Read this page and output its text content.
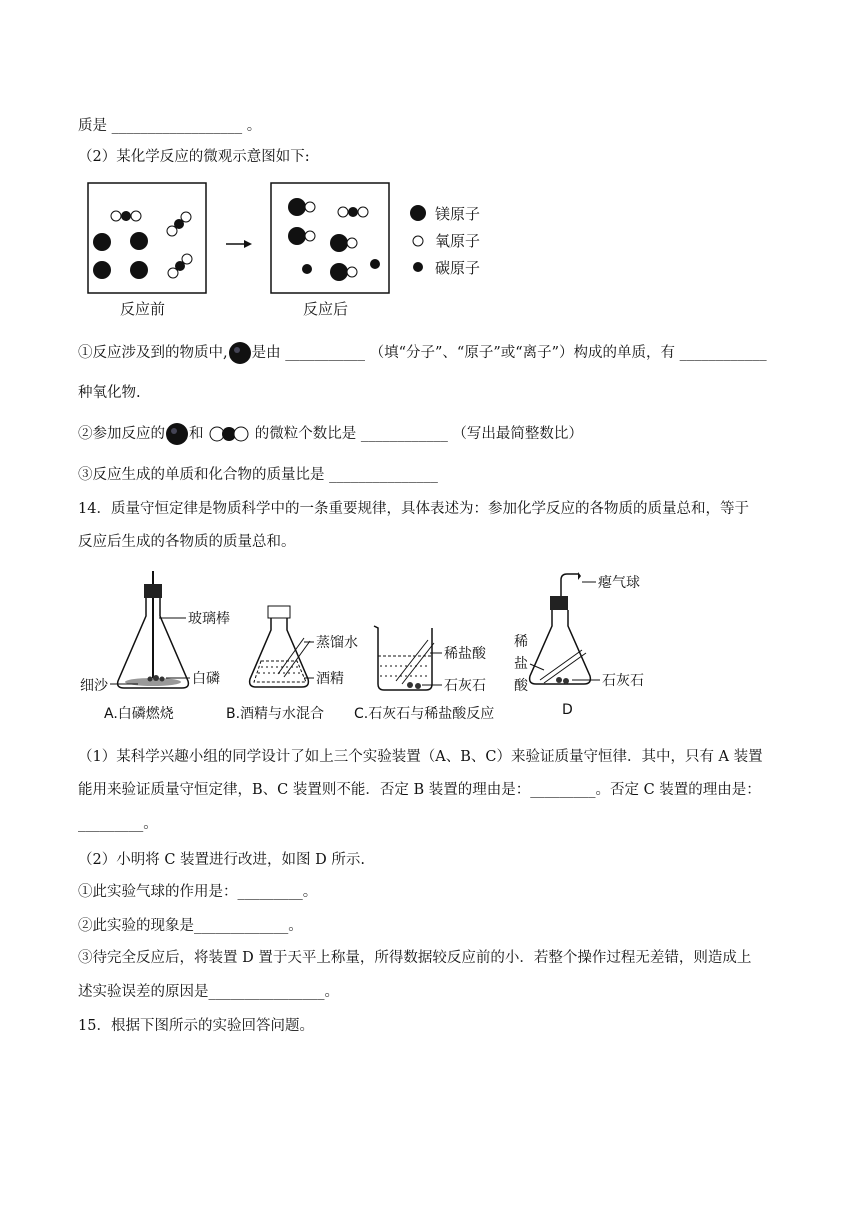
质是 __________________ 。
（2）某化学反应的微观示意图如下:
反应前	反应后
镁原子
氧原子
碳原子
①反应涉及到的物质中, 是由 ___________ （填“分子”、“原子”或“离子”）构成的单质，有 ____________
种氧化物.
②参加反应的 和	的微粒个数比是 ____________ （写出最简整数比）
③反应生成的单质和化合物的质量比是 _______________
14．质量守恒定律是物质科学中的一条重要规律，具体表述为：参加化学反应的各物质的质量总和，等于
反应后生成的各物质的质量总和。
玻璃棒
白磷
细沙
蒸馏水
酒精
稀盐酸
石灰石
瘪气球
稀
盐
酸	石灰石
A.白磷燃烧	B.酒精与水混合 C.石灰石与稀盐酸反应	D
（1）某科学兴趣小组的同学设计了如上三个实验装置（A、B、C）来验证质量守恒律．其中，只有 A 装置
能用来验证质量守恒定律，B、C 装置则不能．否定 B 装置的理由是：_________。否定 C 装置的理由是：
_________。
（2）小明将 C 装置进行改进，如图 D 所示.
①此实验气球的作用是：_________。
②此实验的现象是_____________。
③待完全反应后，将装置 D 置于天平上称量，所得数据较反应前的小．若整个操作过程无差错，则造成上
述实验误差的原因是________________。
15．根据下图所示的实验回答问题。
